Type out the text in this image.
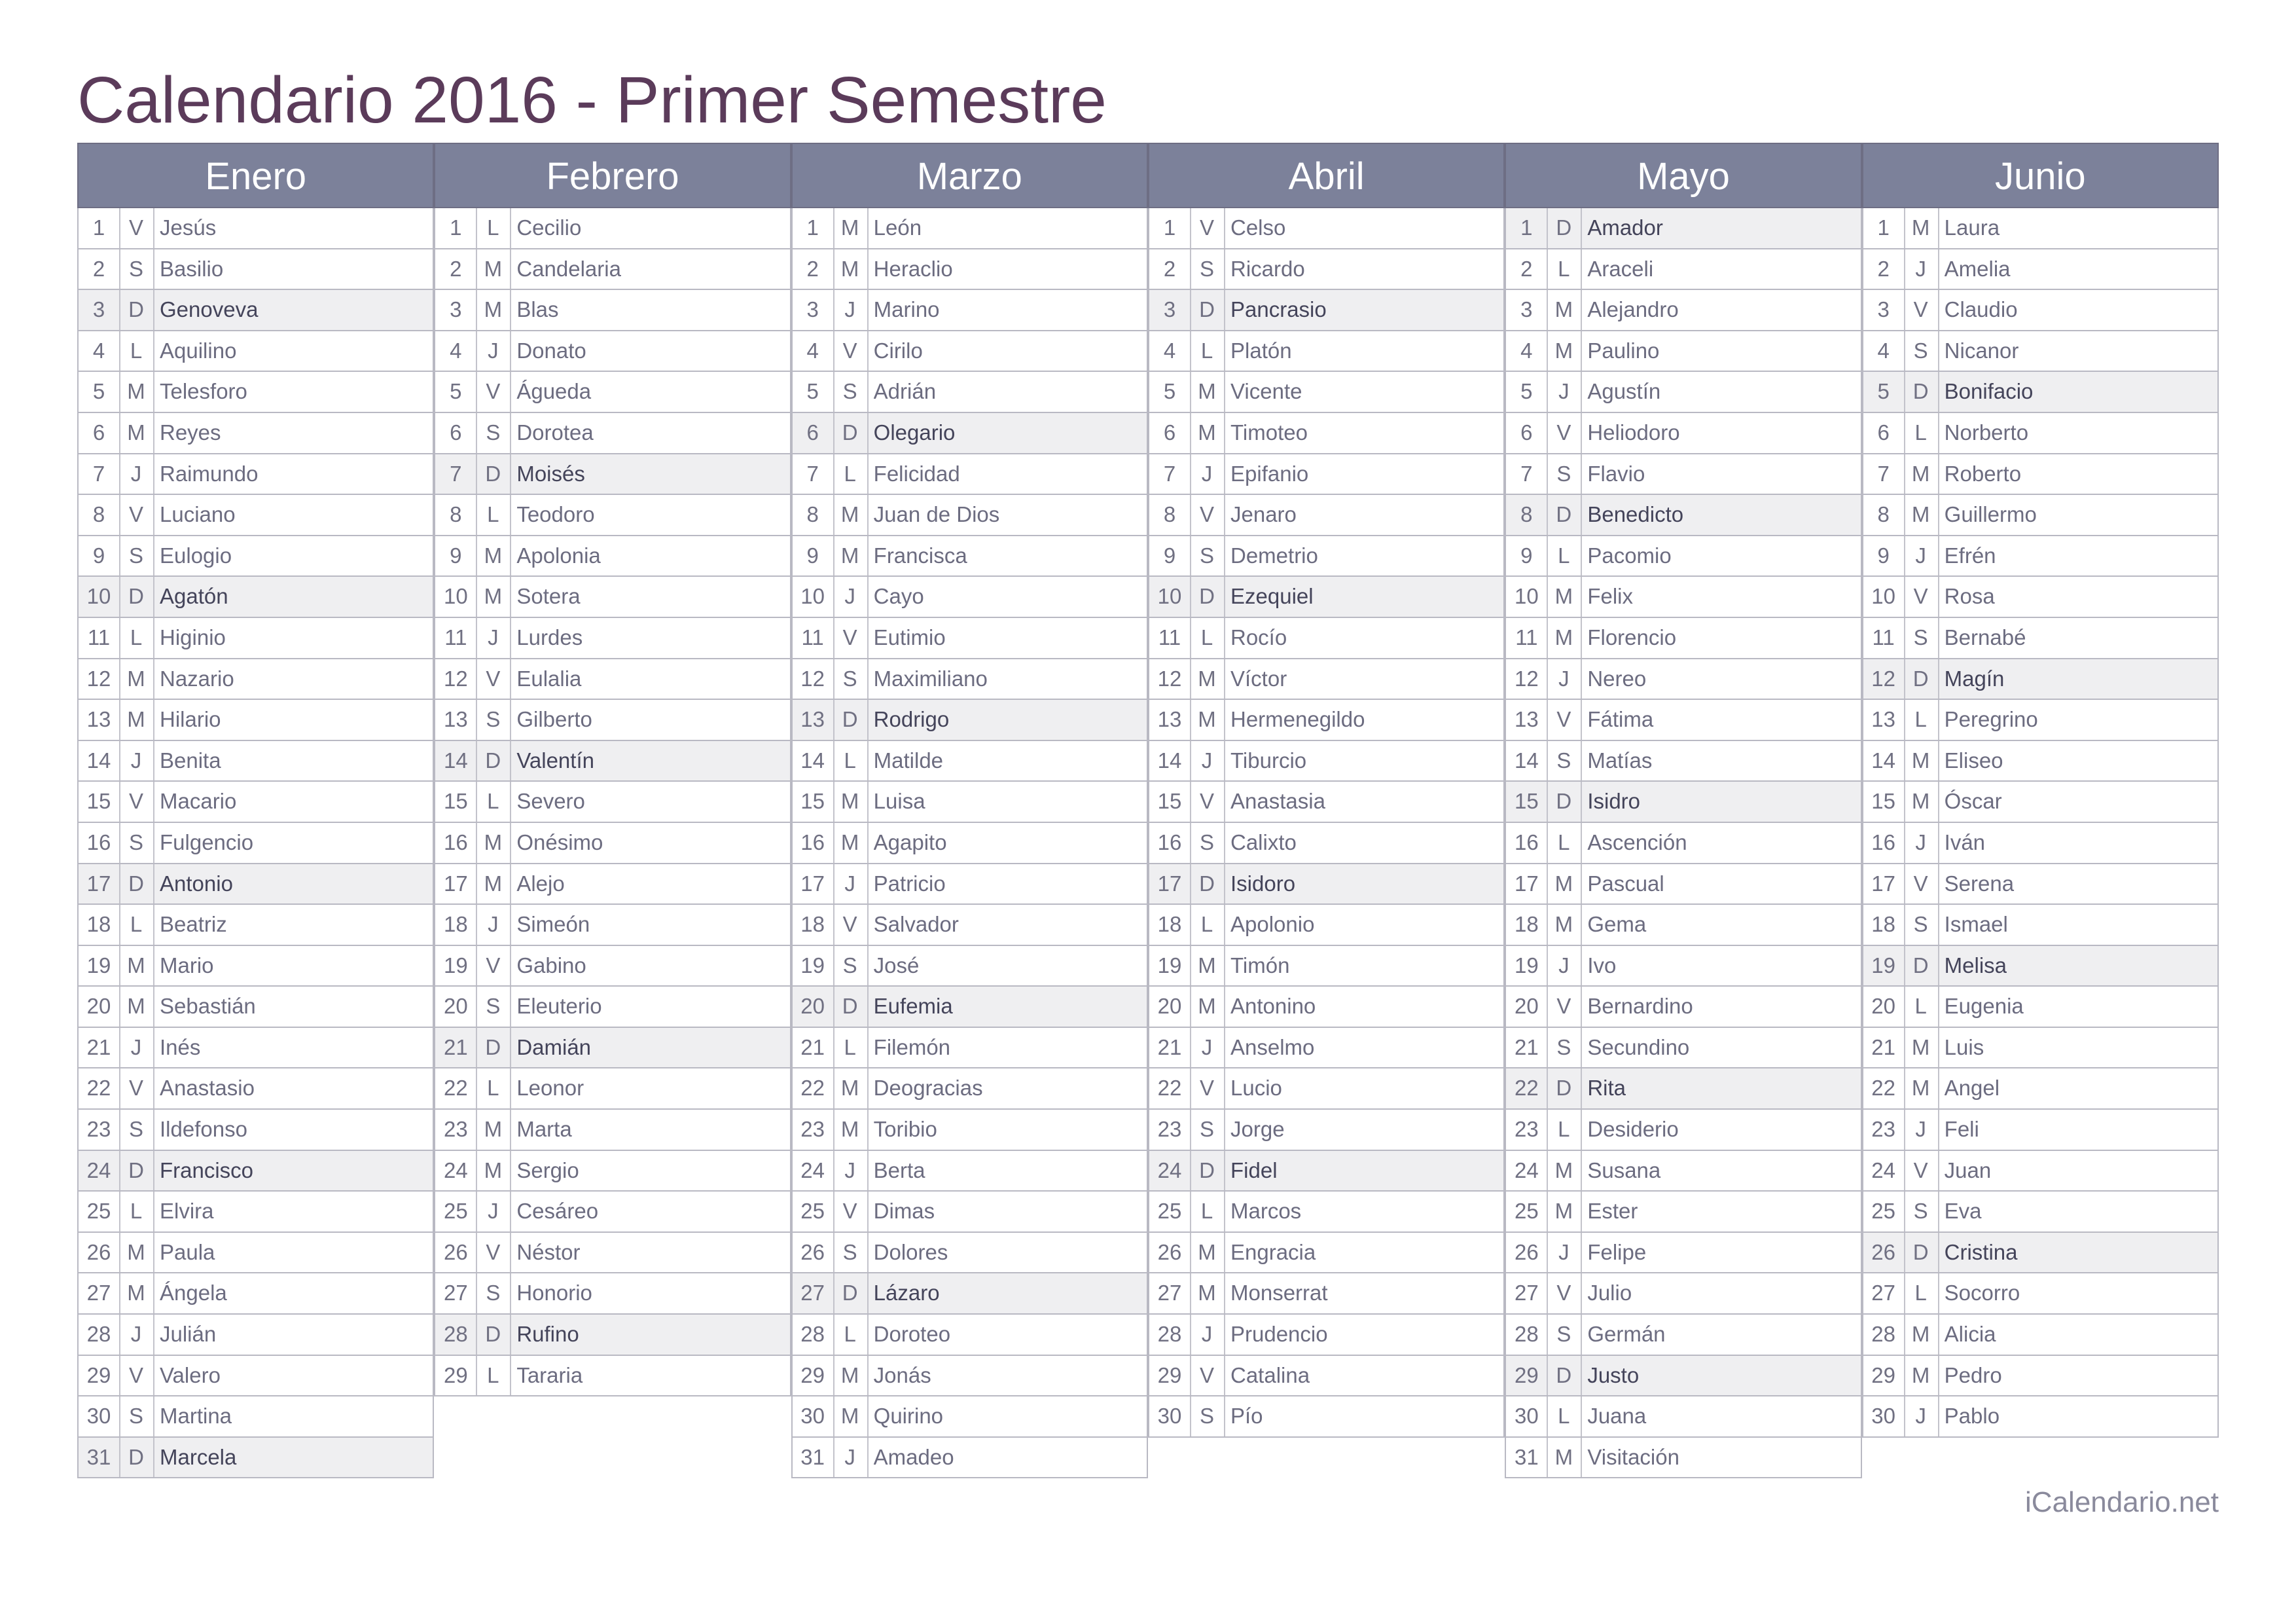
Calendario 2016 - Primer Semestre
Enero
1	V Jesús
2	S Basilio
3	D Genoveva
4	L Aquilino
5	M Telesforo
6	M Reyes
7	J Raimundo
8	V Luciano
9	S Eulogio
10 D Agatón
11 L Higinio
12 M Nazario
13 M Hilario
14 J Benita
15 V Macario
16 S Fulgencio
17 D Antonio
18 L Beatriz
19 M Mario
20 M Sebastián
21 J Inés
22 V Anastasio
23 S Ildefonso
24 D Francisco
25 L Elvira
26 M Paula
27 M Ángela
28 J Julián
29 V Valero
30 S Martina
31 D Marcela
Febrero
1	L Cecilio
2	M Candelaria
3	M Blas
4	J Donato
5	V Águeda
6	S Dorotea
7	D Moisés
8	L Teodoro
9	M Apolonia
10 M Sotera
11 J Lurdes
12 V Eulalia
13 S Gilberto
14 D Valentín
15 L Severo
16 M Onésimo
17 M Alejo
18 J Simeón
19 V Gabino
20 S Eleuterio
21 D Damián
22 L Leonor
23 M Marta
24 M Sergio
25 J Cesáreo
26 V Néstor
27 S Honorio
28 D Rufino
29 L Tararia
Marzo
1	M León
2	M Heraclio
3	J Marino
4	V Cirilo
5	S Adrián
6	D Olegario
7	L Felicidad
8	M Juan de Dios
9	M Francisca
10 J Cayo
11 V Eutimio
12 S Maximiliano
13 D Rodrigo
14 L Matilde
15 M Luisa
16 M Agapito
17 J Patricio
18 V Salvador
19 S José
20 D Eufemia
21 L Filemón
22 M Deogracias
23 M Toribio
24 J Berta
25 V Dimas
26 S Dolores
27 D Lázaro
28 L Doroteo
29 M Jonás
30 M Quirino
31 J Amadeo
Abril
1	V Celso
2	S Ricardo
3	D Pancrasio
4	L Platón
5	M Vicente
6	M Timoteo
7	J Epifanio
8	V Jenaro
9	S Demetrio
10 D Ezequiel
11 L Rocío
12 M Víctor
13 M Hermenegildo
14 J Tiburcio
15 V Anastasia
16 S Calixto
17 D Isidoro
18 L Apolonio
19 M Timón
20 M Antonino
21 J Anselmo
22 V Lucio
23 S Jorge
24 D Fidel
25 L Marcos
26 M Engracia
27 M Monserrat
28 J Prudencio
29 V Catalina
30 S Pío
Mayo
1	D Amador
2	L Araceli
3	M Alejandro
4	M Paulino
5	J Agustín
6	V Heliodoro
7	S Flavio
8	D Benedicto
9	L Pacomio
10 M Felix
11 M Florencio
12 J Nereo
13 V Fátima
14 S Matías
15 D Isidro
16 L Ascención
17 M Pascual
18 M Gema
19 J Ivo
20 V Bernardino
21 S Secundino
22 D Rita
23 L Desiderio
24 M Susana
25 M Ester
26 J Felipe
27 V Julio
28 S Germán
29 D Justo
30 L Juana
31 M Visitación
Junio
1	M Laura
2	J Amelia
3	V Claudio
4	S Nicanor
5	D Bonifacio
6	L Norberto
7	M Roberto
8	M Guillermo
9	J Efrén
10 V Rosa
11 S Bernabé
12 D Magín
13 L Peregrino
14 M Eliseo
15 M Óscar
16 J Iván
17 V Serena
18 S Ismael
19 D Melisa
20 L Eugenia
21 M Luis
22 M Angel
23 J Feli
24 V Juan
25 S Eva
26 D Cristina
27 L Socorro
28 M Alicia
29 M Pedro
30 J Pablo
iCalendario.net
